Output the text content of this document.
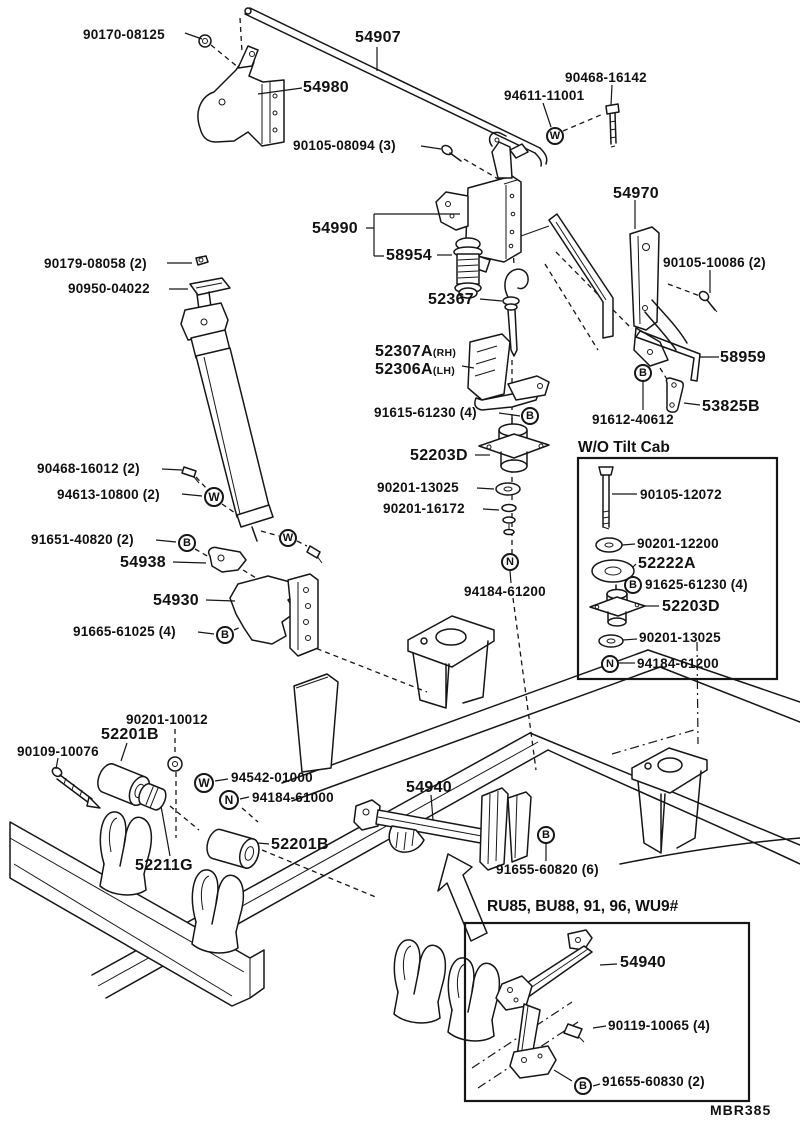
90170-08125	54907
54980
90468-16142
94611-11001
90105-08094 (3)
54970
54990
58954	90105-10086 (2)
90179-08058 (2)
90950-04022
52367
58959
52307A(RH)
52306A(LH)
91615-61230 (4)	53825B
91612-40612
52203D
90105-12072
90201-12200
52222A
91625-61230 (4)
52203D
90201-13025
94184-61200
90468-16012 (2)
94613-10800 (2)
91651-40820 (2)
54938
54930
91665-61025 (4)
90201-13025
90201-16172
94184-61200
90201-10012
52201B
90109-10076
94542-01000
94184-61000
52201B
52211G
54940
91655-60820 (6)
54940
90119-10065 (4)
91655-60830 (2)
W/O Tilt Cab
RU85, BU88, 91, 96, WU9#
MBR385
W
B
B
B
N
W
B
B
W
N
W
N
B
B
